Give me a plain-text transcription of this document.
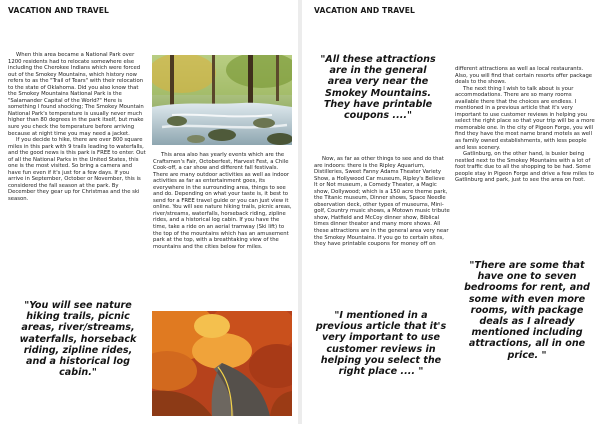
VACATION AND TRAVEL

When this area became a National Park over 1200 residents had to relocate somewhere else including the Cherokee Indians which were forced out of the Smokey Mountains, which history now refers to as the "Trail of Tears" with their relocation to the state of Oklahoma. Did you also know that the Smokey Mountains National Park is the "Salamander Capital of the World?" Here is something I found shocking; The Smokey Mountain National Park's temperature is usually never much higher than 80 degrees in the park itself, but make sure you check the temperature before arriving because at night time you may need a jacket.

If you decide to hike, there are over 800 square miles in this park with 9 trails leading to waterfalls, and the good news is this park is FREE to enter. Out of all the National Parks in the United States, this one is the most visited. So bring a camera and have fun even if it's just for a few days. If you arrive in September, October or November, this is considered the fall season at the park. By December they gear up for Christmas and the ski season.

"You will see nature hiking trails, picnic areas, river/streams, waterfalls, horseback riding, zipline rides, and a historical log cabin."

This area also has yearly events which are the Craftsmen's Fair, Octoberfest, Harvest Fest, a Chile Cook-off, a car show and different fall festivals. There are many outdoor activities as well as indoor activities as far as entertainment goes, its everywhere in the surrounding area, things to see and do. Depending on what your taste is, it best to send for a FREE travel guide or you can just view it online. You will see nature hiking trails, picnic areas, river/streams, waterfalls, horseback riding, zipline rides, and a historical log cabin. If you have the time, take a ride on an aerial tramway (Ski lift) to the top of the mountains which has an amusement park at the top, with a breathtaking view of the mountains and the cities below for miles.

VACATION AND TRAVEL
"All these attractions are in the general area very near the Smokey Mountains. They have printable coupons ...."

Now, as far as other things to see and do that are indoors: there is the Ripley Aquarium, Distilleries, Sweet Fanny Adams Theater Variety Show, a Hollywood Car museum, Ripley's Believe It or Not museum, a Comedy Theater, a Magic show, Dollywood; which is a 150 acre theme park, the Titanic museum, Dinner shows, Space Needle observation deck, other types of museums, Mini-golf, Country music shows, a Motown music tribute show, Hatfield and McCoy dinner show, Biblical times dinner theater and many more shows. All these attractions are in the general area very near the Smokey Mountains. If you go to certain sites, they have printable coupons for money off on

"I mentioned in a previous article that it's very important to use customer reviews in helping you select the right place .... "

different attractions as well as local restaurants. Also, you will find that certain resorts offer package deals to the shows.

The next thing I wish to talk about is your accommodations. There are so many rooms available there that the choices are endless. I mentioned in a previous article that it's very important to use customer reviews in helping you select the right place so that your trip will be a more memorable one. In the city of Pigeon Forge, you will find they have the most name brand motels as well as family owned establishments, with less people and less scenery.

Gatlinburg, on the other hand, is busier being nestled next to the Smokey Mountains with a lot of foot traffic due to all the shopping to be had. Some people stay in Pigeon Forge and drive a few miles to Gatlinburg and park, just to see the area on foot.

"There are some that have one to seven bedrooms for rent, and some with even more rooms, with package deals as I already mentioned including attractions, all in one price. "
